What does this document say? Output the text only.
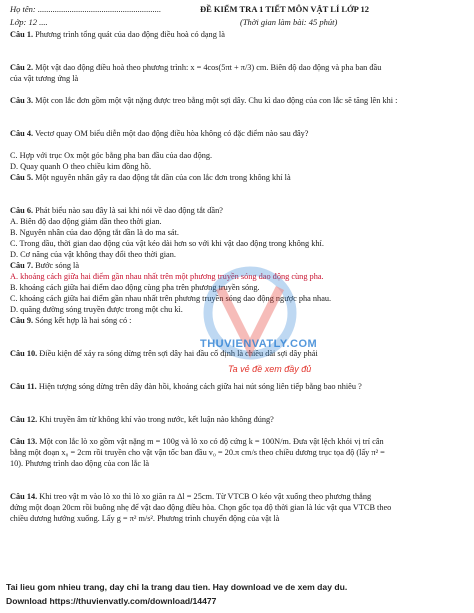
Họ tên: ..........................................................	ĐỀ KIỂM TRA 1 TIẾT MÔN VẬT LÍ LỚP 12
Lớp: 12 ....	(Thời gian làm bài: 45 phút)
Câu 1. Phương trình tổng quát của dao động điều hoà có dạng là
Câu 2. Một vật dao động điều hoà theo phương trình: x = 4cos(5πt + π/3) cm. Biên độ dao động và pha ban đầu
của vật tương ứng là
Câu 3. Một con lắc đơn gồm một vật nặng được treo bằng một sợi dây. Chu kì dao động của con lắc sẽ tăng lên khi :
Câu 4. Vectơ quay OM biểu diễn một dao động điều hòa không có đặc điểm nào sau đây?
C. Hợp với trục Ox một góc bằng pha ban đầu của dao động.
D. Quay quanh O theo chiều kim đồng hồ.
Câu 5. Một nguyên nhân gây ra dao động tắt dần của con lắc đơn trong không khí là
Câu 6. Phát biểu nào sau đây là sai khi nói về dao động tắt dần?
A. Biên độ dao động giảm dần theo thời gian.
B. Nguyên nhân của dao động tắt dần là do ma sát.
C. Trong dầu, thời gian dao động của vật kéo dài hơn so với khi vật dao động trong không khí.
D. Cơ năng của vật không thay đổi theo thời gian.
Câu 7. Bước sóng là
A. khoảng cách giữa hai điểm gần nhau nhất trên một phương truyền sóng dao động cùng pha.
B. khoảng cách giữa hai điểm dao động cùng pha trên phương truyền sóng.
C. khoảng cách giữa hai điểm gần nhau nhất trên phương truyền sóng dao động ngược pha nhau.
D. quãng đường sóng truyền được trong một chu kì.
Câu 9. Sóng kết hợp là hai sóng có :
Câu 10. Điều kiện để xảy ra sóng dừng trên sợi dây hai đầu cố định là chiều dài sợi dây phải
Câu 11. Hiện tượng sóng dừng trên dây đàn hồi, khoảng cách giữa hai nút sóng liên tiếp bằng bao nhiêu ?
Câu 12. Khi truyền âm từ không khí vào trong nước, kết luận nào không đúng?
Câu 13. Một con lắc lò xo gồm vật nặng m = 100g và lò xo có độ cứng k = 100N/m. Đưa vật lệch khỏi vị trí cân
bằng một đoạn x₀ = 2cm rồi truyền cho vật vận tốc ban đầu v₀ = 20.π cm/s theo chiều dương trục tọa độ (lấy π² =
10). Phương trình dao động của con lắc là
Câu 14. Khi treo vật m vào lò xo thì lò xo giãn ra Δl = 25cm. Từ VTCB O kéo vật xuống theo phương thẳng
đứng một đoạn 20cm rồi buông nhẹ để vật dao động điều hòa. Chọn gốc tọa độ thời gian là lúc vật qua VTCB theo
chiều dương hướng xuống. Lấy g = π² m/s². Phương trình chuyển động của vật là
THUVIENVATLY.COM
Ta vẻ đề xem đầy đủ
Tai lieu gom nhieu trang, day chi la trang dau tien. Hay download ve de xem day du.
Download https://thuvienvatly.com/download/14477
